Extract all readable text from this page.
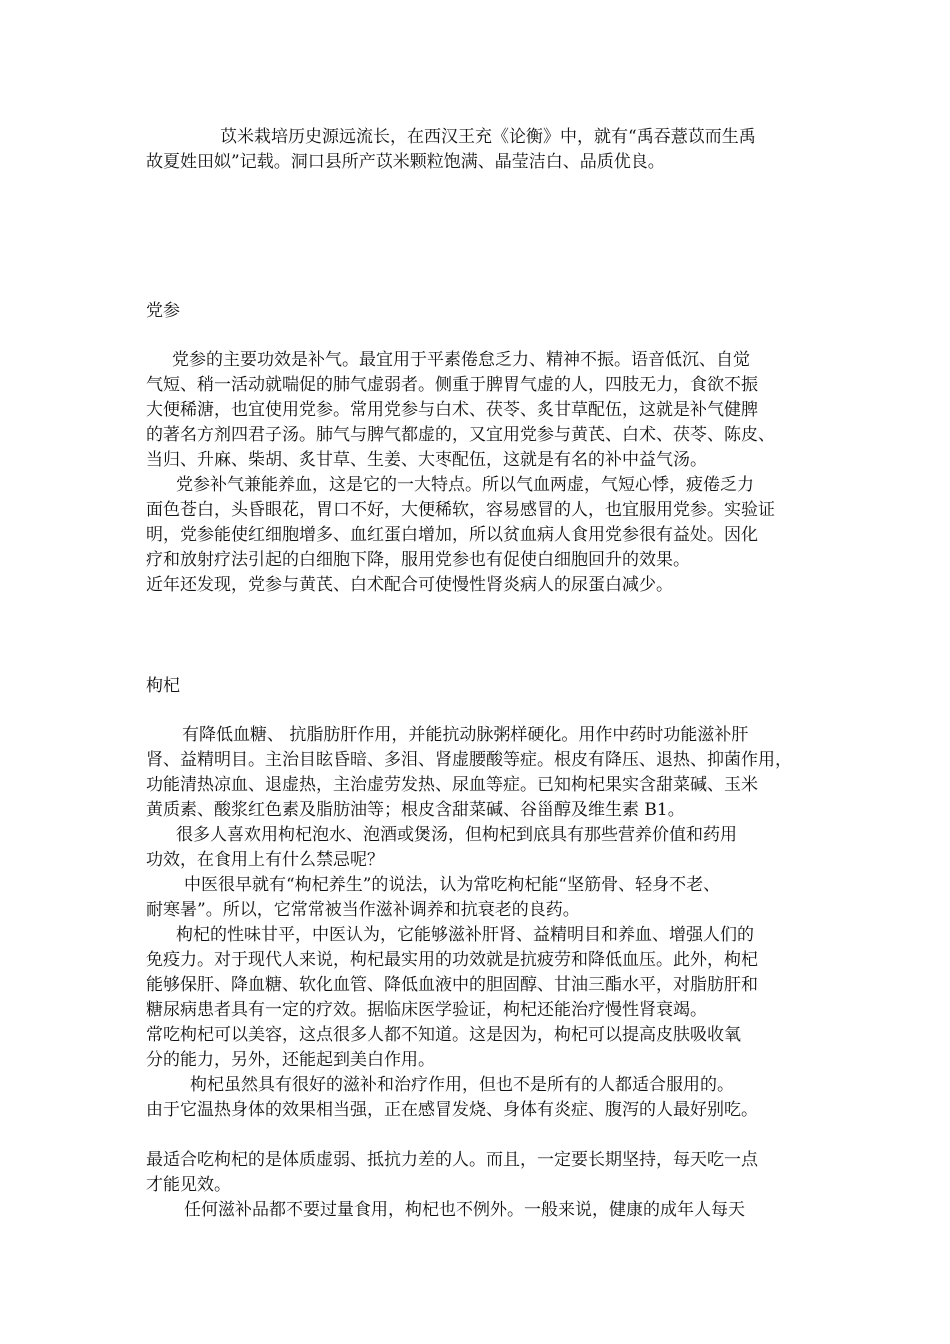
苡米栽培历史源远流长，在西汉王充《论衡》中，就有“禹吞薏苡而生禹
故夏姓田姒”记载。洞口县所产苡米颗粒饱满、晶莹洁白、品质优良。
党参
党参的主要功效是补气。最宜用于平素倦怠乏力、精神不振。语音低沉、自觉
气短、稍一活动就喘促的肺气虚弱者。侧重于脾胃气虚的人，四肢无力，食欲不振
大便稀溏，也宜使用党参。常用党参与白术、茯苓、炙甘草配伍，这就是补气健脾
的著名方剂四君子汤。肺气与脾气都虚的，又宜用党参与黄芪、白术、茯苓、陈皮、
当归、升麻、柴胡、炙甘草、生姜、大枣配伍，这就是有名的补中益气汤。
党参补气兼能养血，这是它的一大特点。所以气血两虚，气短心悸，疲倦乏力
面色苍白，头昏眼花，胃口不好，大便稀软，容易感冒的人，也宜服用党参。实验证
明，党参能使红细胞增多、血红蛋白增加，所以贫血病人食用党参很有益处。因化
疗和放射疗法引起的白细胞下降，服用党参也有促使白细胞回升的效果。
近年还发现，党参与黄芪、白术配合可使慢性肾炎病人的尿蛋白减少。
枸杞
有降低血糖、 抗脂肪肝作用，并能抗动脉粥样硬化。用作中药时功能滋补肝
肾、益精明目。主治目眩昏暗、多泪、肾虚腰酸等症。根皮有降压、退热、抑菌作用，
功能清热凉血、退虚热，主治虚劳发热、尿血等症。已知枸杞果实含甜菜碱、玉米
黄质素、酸浆红色素及脂肪油等；根皮含甜菜碱、谷甾醇及维生素 B1。
很多人喜欢用枸杞泡水、泡酒或煲汤，但枸杞到底具有那些营养价值和药用
功效，在食用上有什么禁忌呢？
中医很早就有“枸杞养生”的说法，认为常吃枸杞能“坚筋骨、轻身不老、
耐寒暑”。所以，它常常被当作滋补调养和抗衰老的良药。
枸杞的性味甘平，中医认为，它能够滋补肝肾、益精明目和养血、增强人们的
免疫力。对于现代人来说，枸杞最实用的功效就是抗疲劳和降低血压。此外，枸杞
能够保肝、降血糖、软化血管、降低血液中的胆固醇、甘油三酯水平，对脂肪肝和
糖尿病患者具有一定的疗效。据临床医学验证，枸杞还能治疗慢性肾衰竭。
常吃枸杞可以美容，这点很多人都不知道。这是因为，枸杞可以提高皮肤吸收氧
分的能力，另外，还能起到美白作用。
枸杞虽然具有很好的滋补和治疗作用，但也不是所有的人都适合服用的。
由于它温热身体的效果相当强，正在感冒发烧、身体有炎症、腹泻的人最好别吃。
最适合吃枸杞的是体质虚弱、抵抗力差的人。而且，一定要长期坚持，每天吃一点
才能见效。
任何滋补品都不要过量食用，枸杞也不例外。一般来说，健康的成年人每天
